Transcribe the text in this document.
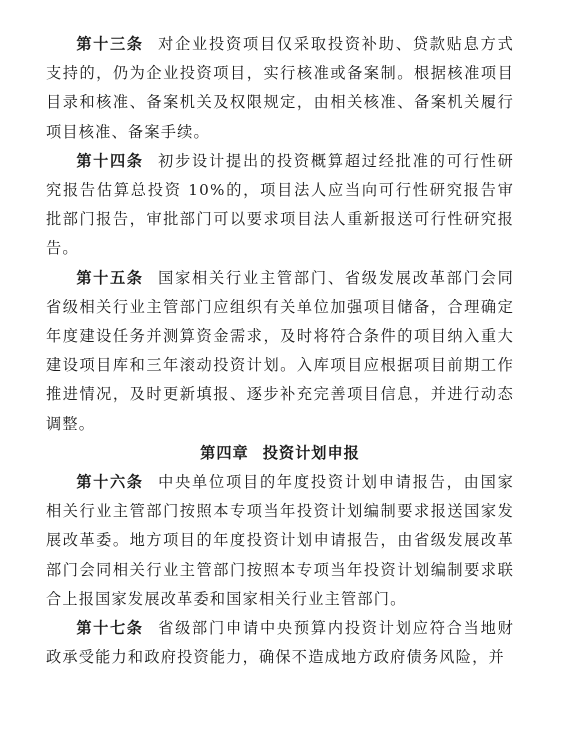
第十三条 对企业投资项目仅采取投资补助、贷款贴息方式支持的，仍为企业投资项目，实行核准或备案制。根据核准项目目录和核准、备案机关及权限规定，由相关核准、备案机关履行项目核准、备案手续。

第十四条 初步设计提出的投资概算超过经批准的可行性研究报告估算总投资 10%的，项目法人应当向可行性研究报告审批部门报告，审批部门可以要求项目法人重新报送可行性研究报告。

第十五条 国家相关行业主管部门、省级发展改革部门会同省级相关行业主管部门应组织有关单位加强项目储备，合理确定年度建设任务并测算资金需求，及时将符合条件的项目纳入重大建设项目库和三年滚动投资计划。入库项目应根据项目前期工作推进情况，及时更新填报、逐步补充完善项目信息，并进行动态调整。

第四章 投资计划申报

第十六条 中央单位项目的年度投资计划申请报告，由国家相关行业主管部门按照本专项当年投资计划编制要求报送国家发展改革委。地方项目的年度投资计划申请报告，由省级发展改革部门会同相关行业主管部门按照本专项当年投资计划编制要求联合上报国家发展改革委和国家相关行业主管部门。

第十七条 省级部门申请中央预算内投资计划应符合当地财政承受能力和政府投资能力，确保不造成地方政府债务风险，并
